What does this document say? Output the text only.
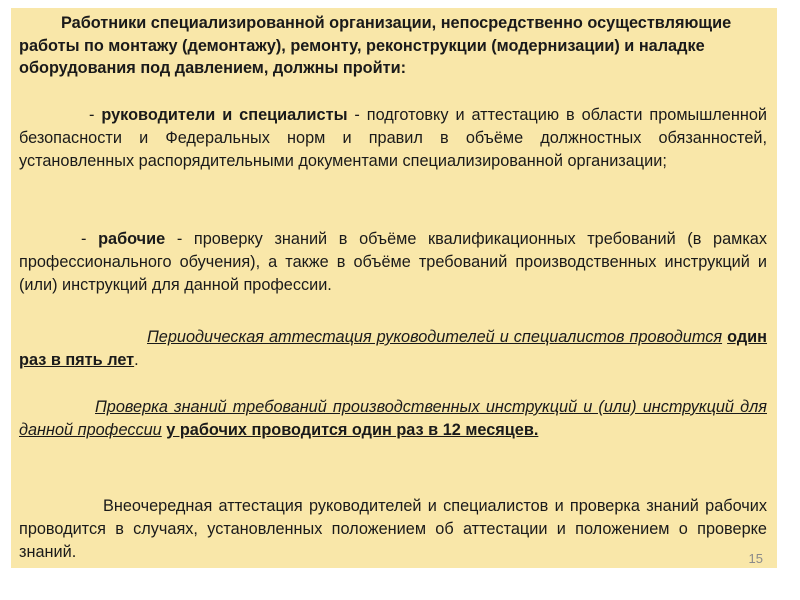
Работники специализированной организации, непосредственно осуществляющие работы по монтажу (демонтажу), ремонту, реконструкции (модернизации) и наладке оборудования под давлением, должны пройти:

- руководители и специалисты - подготовку и аттестацию в области промышленной безопасности и Федеральных норм и правил в объёме должностных обязанностей, установленных распорядительными документами специализированной организации;

- рабочие - проверку знаний в объёме квалификационных требований (в рамках профессионального обучения), а также в объёме требований производственных инструкций и (или) инструкций для данной профессии.

Периодическая аттестация руководителей и специалистов проводится один раз в пять лет.

Проверка знаний требований производственных инструкций и (или) инструкций для данной профессии у рабочих проводится один раз в 12 месяцев.

Внеочередная аттестация руководителей и специалистов и проверка знаний рабочих проводится в случаях, установленных положением об аттестации и положением о проверке знаний.	15
